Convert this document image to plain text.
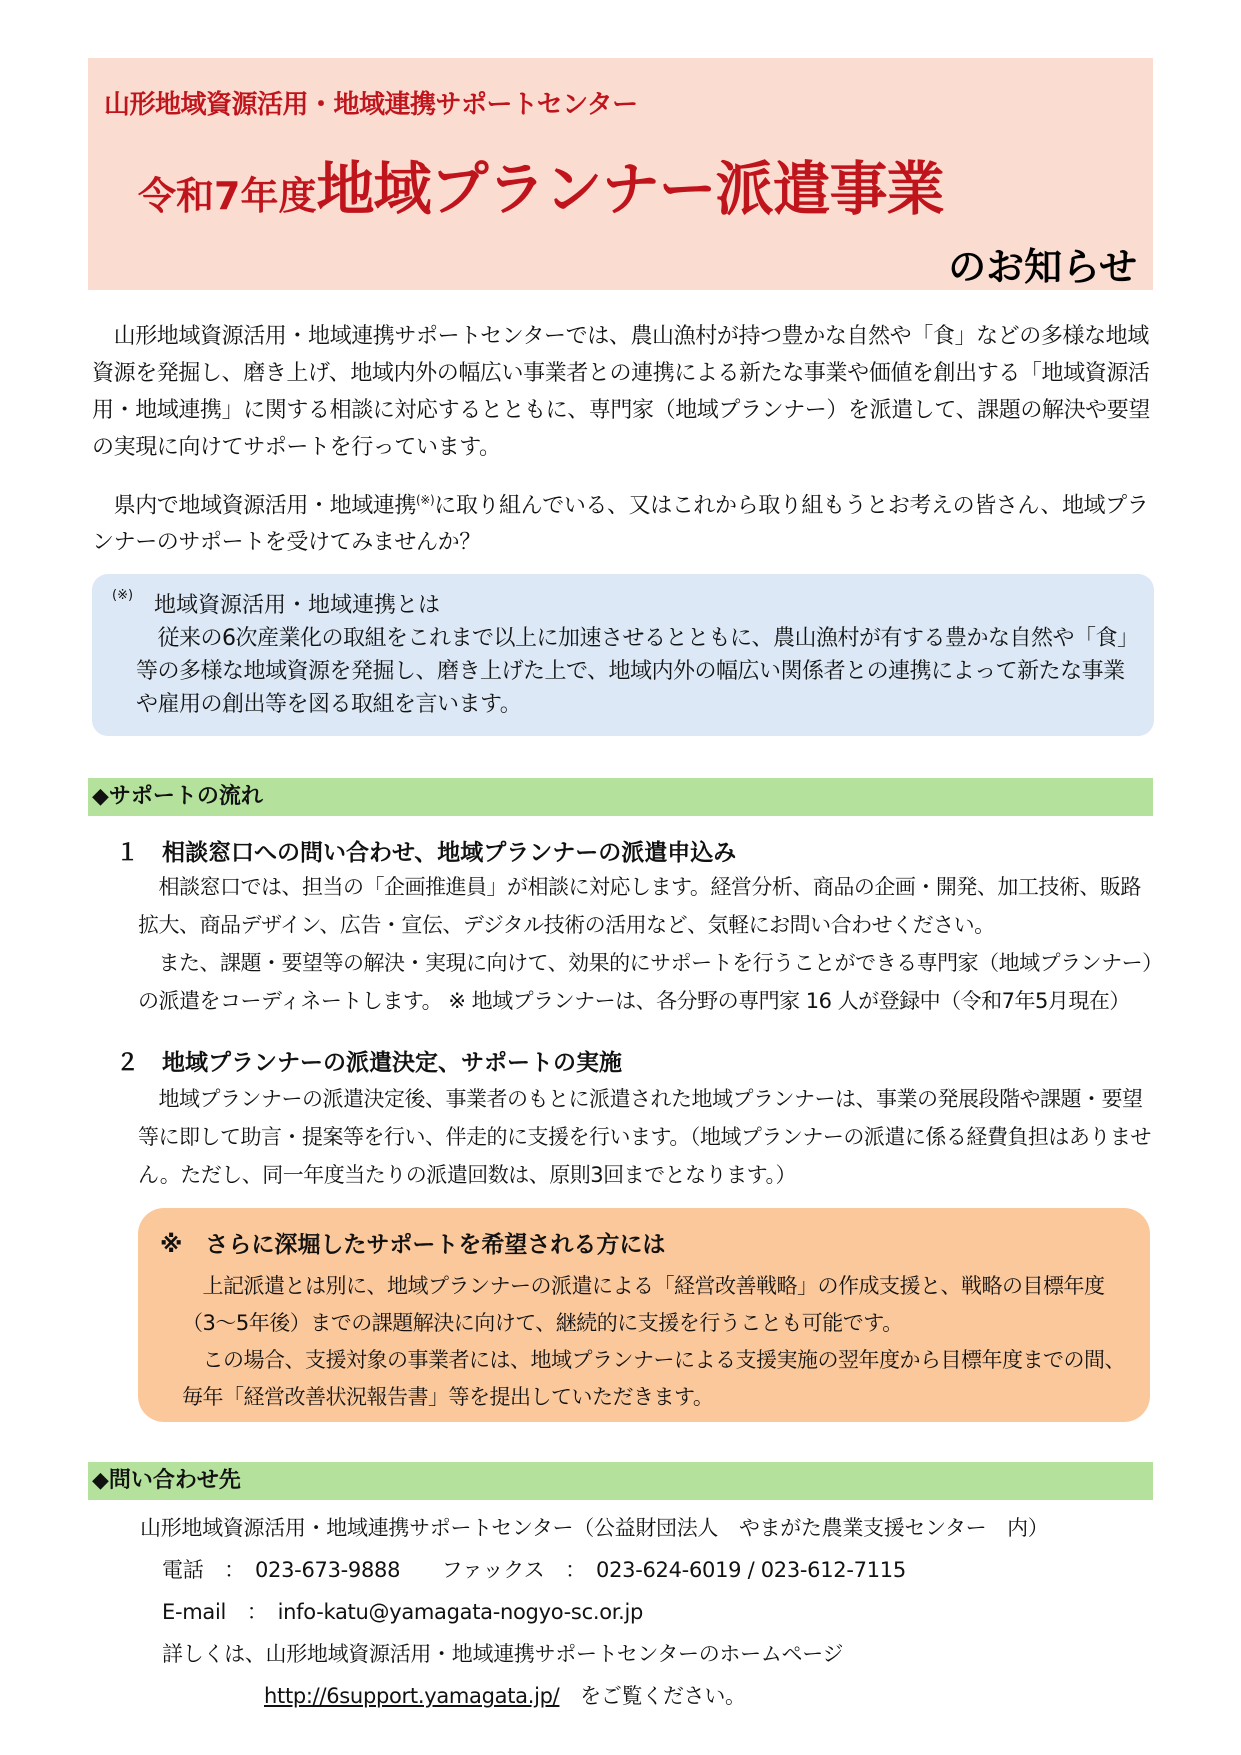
山形地域資源活用・地域連携サポートセンター
令和7年度地域プランナー派遣事業
のお知らせ
　山形地域資源活用・地域連携サポートセンターでは、農山漁村が持つ豊かな自然や「食」などの多様な地域資源を発掘し、磨き上げ、地域内外の幅広い事業者との連携による新たな事業や価値を創出する「地域資源活用・地域連携」に関する相談に対応するとともに、専門家（地域プランナー）を派遣して、課題の解決や要望の実現に向けてサポートを行っています。
　県内で地域資源活用・地域連携(※)に取り組んでいる、又はこれから取り組もうとお考えの皆さん、地域プランナーのサポートを受けてみませんか？
(※) 地域資源活用・地域連携とは
　従来の6次産業化の取組をこれまで以上に加速させるとともに、農山漁村が有する豊かな自然や「食」等の多様な地域資源を発掘し、磨き上げた上で、地域内外の幅広い関係者との連携によって新たな事業や雇用の創出等を図る取組を言います。
◆サポートの流れ
１　相談窓口への問い合わせ、地域プランナーの派遣申込み
　相談窓口では、担当の「企画推進員」が相談に対応します。経営分析、商品の企画・開発、加工技術、販路拡大、商品デザイン、広告・宣伝、デジタル技術の活用など、気軽にお問い合わせください。
　また、課題・要望等の解決・実現に向けて、効果的にサポートを行うことができる専門家（地域プランナー）の派遣をコーディネートします。 ※ 地域プランナーは、各分野の専門家 16 人が登録中（令和7年5月現在）
２　地域プランナーの派遣決定、サポートの実施
　地域プランナーの派遣決定後、事業者のもとに派遣された地域プランナーは、事業の発展段階や課題・要望等に即して助言・提案等を行い、伴走的に支援を行います。（地域プランナーの派遣に係る経費負担はありません。ただし、同一年度当たりの派遣回数は、原則3回までとなります。）
※　さらに深堀したサポートを希望される方には
　上記派遣とは別に、地域プランナーの派遣による「経営改善戦略」の作成支援と、戦略の目標年度（3～5年後）までの課題解決に向けて、継続的に支援を行うことも可能です。
　この場合、支援対象の事業者には、地域プランナーによる支援実施の翌年度から目標年度までの間、毎年「経営改善状況報告書」等を提出していただきます。
◆問い合わせ先
山形地域資源活用・地域連携サポートセンター（公益財団法人　やまがた農業支援センター　内）
電話　：　023-673-9888　　ファックス　：　023-624-6019 / 023-612-7115
E-mail　：　info-katu@yamagata-nogyo-sc.or.jp
詳しくは、山形地域資源活用・地域連携サポートセンターのホームページ
http://6support.yamagata.jp/　をご覧ください。
